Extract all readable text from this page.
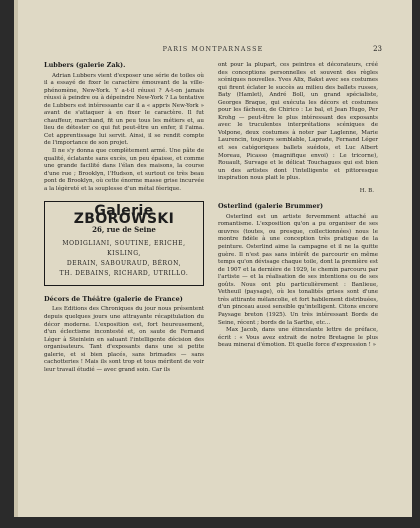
PARIS MONTPARNASSE	23
Lubbers (galerie Zak).

Adrian Lubbers vient d'exposer une série de toiles où il a essayé de fixer le caractère émouvant de la ville-phénomène, New-York. Y a-t-il réussi ? A-t-on jamais réussi à peindre ou à dépeindre New-York ? La tentative de Lubbers est intéressante car il a « appris New-York » avant de s'attaquer à en fixer le caractère. Il fut chauffeur, marchand, fit un peu tous les métiers et, au lieu de détester ce qui fut peut-être un enfer, il l'aima. Cet apprentissage lui servit. Ainsi, il se rendit compte de l'importance de son projet.

Il ne s'y donna que complètement armé. Une pâte de qualité, éclatante sans excès, un peu épaisse, et comme une grande facilité dans l'élan des maisons, la course d'une rue ; Brooklyn, l'Hudson, et surtout ce très beau pont de Brooklyn, où cette énorme masse grise incurvée a la légèreté et la souplesse d'un métal féerique.

Galerie ZBOROWSKI
26, rue de Seine
MODIGLIANI, SOUTINE, ERICHE, KISLING,
DERAIN, SABOURAUD, BÉRON,
TH. DEBAINS, RICHARD, UTRILLO.
Décors de Théâtre (galerie de France)

Les Editions des Chroniques du jour nous présentent depuis quelques jours une attrayante récapitulation du décor moderne. L'exposition est, fort heureusement, d'un éclectisme incontesté et, on saute de Fernand Léger à Steinlein en saluant l'intelligente décision des organisateurs. Tant d'exposants dans une si petite galerie, et si bien placés, sans brimades — sans cachotteries ! Mais ils sont trop et tous méritent de voir leur travail étudié — avec grand soin. Car ils

ont pour la plupart, ces peintres et décorateurs, créé des conceptions personnelles et souvent des règles scéniques nouvelles. Yves Alix, Bakst avec ses costumes qui firent éclater le succès au milieu des ballets russes, Baty (Hamlet), André Boll, un grand spécialiste, Georges Braque, qui exécuta les décors et costumes pour les fâcheux, de Chirico : Le bal, et Jean Hugo, Per Krohg — peut-être le plus intéressant des exposants avec le truculentes interprétations scéniques de Volpone, deux costumes à noter par Laglenne, Marie Laurencin, toujours semblable, Laprade, Fernand Léger et ses catégoriques ballets suédois, et Luc Albert Moreau, Picasso (magnifique envoi) : Le tricorne), Rouault, Survage et le délicat Touchagues qui est bien un des artistes dont l'intelligente et pittoresque inspiration nous plait le plus.

H. B.

Osterlind (galerie Brummer)

Osterlind est un artiste fervemment attaché au romantisme. L'exposition qu'on a pu organiser de ses œuvres (toutes, ou presque, collectionnées) nous le montre fidèle à une conception très pratique de la peinture. Osterlind aime la campagne et il ne la quitte guère. Il n'est pas sans intérêt de parcourir en même temps qu'on dévisage chaque toile, dont la première est de 1907 et la dernière de 1929, le chemin parcouru par l'artiste — et la réalisation de ses intentions ou de ses goûts. Nous ont plu particulièrement : Banlieue, Vetheuil (paysage), où les tonalités grises sont d'une très attirante mélancolie, et fort habilement distribuées, d'un pinceau aussi sensible qu'intelligent. Citons encore Paysage breton (1925). Un très intéressant Bords de Seine, récent ; bords de la Sarthe, etc...

Max Jacob, dans une étincelante lettre de préface, écrit : « Vous avez extrait de notre Bretagne le plus beau minerai d'émotion. Et quelle force d'expression ! »
